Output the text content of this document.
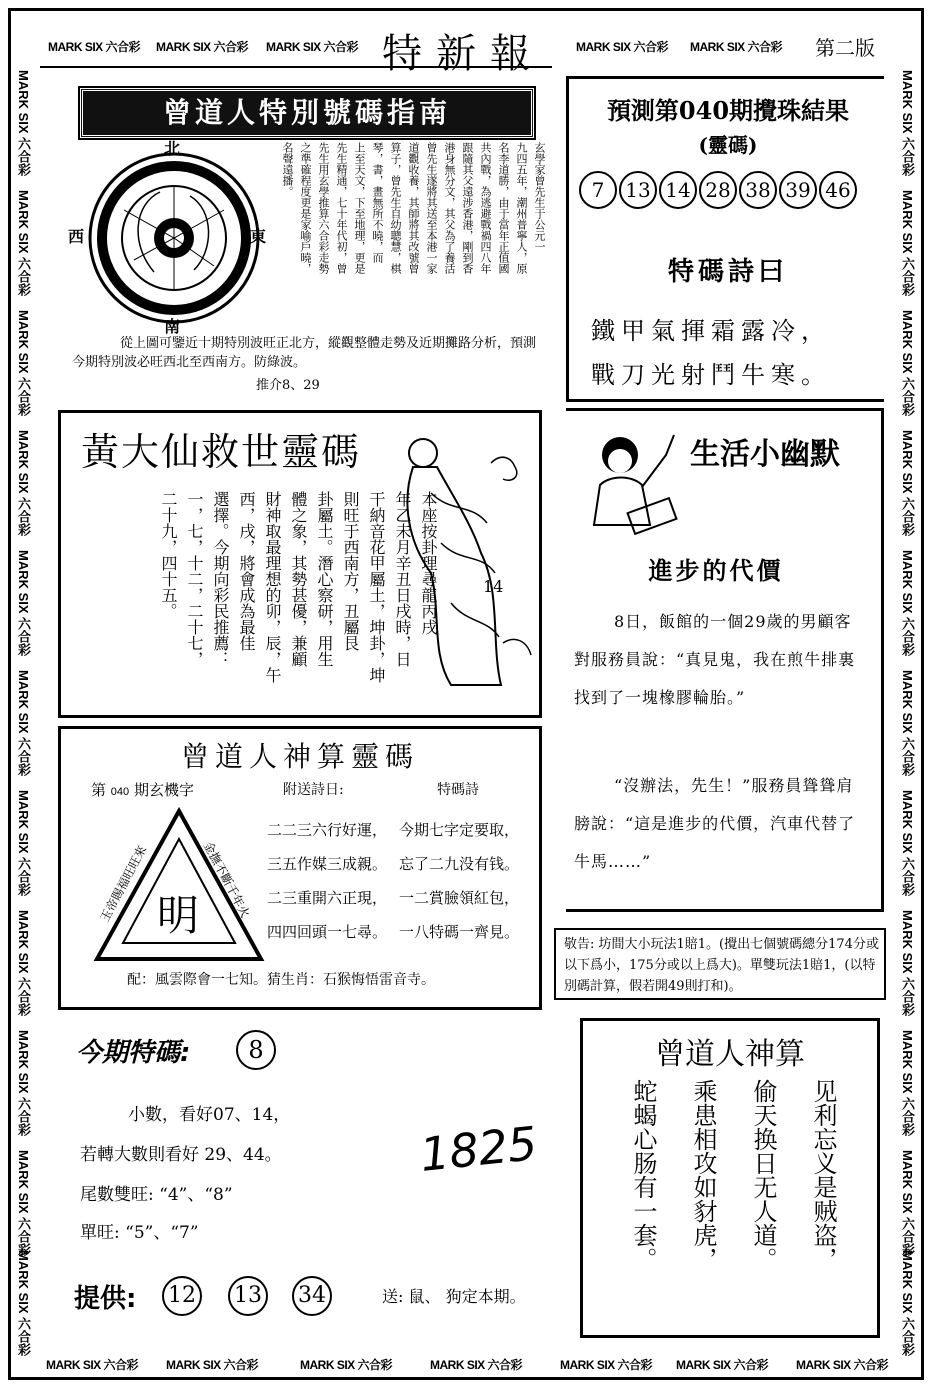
MARK SIX 六合彩 MARK SIX 六合彩 MARK SIX 六合彩 特新報	MARK SIX 六合彩 MARK SIX 六合彩 第二版
MARK SIX 六合彩
MARK SIX 六合彩
MARK SIX 六合彩
MARK SIX 六合彩
MARK SIX 六合彩
MARK SIX 六合彩
MARK SIX 六合彩
MARK SIX 六合彩
MARK SIX 六合彩
MARK SIX 六合彩
MARK SIX 六合彩
MARK SIX 六合彩
MARK SIX 六合彩
MARK SIX 六合彩
MARK SIX 六合彩
MARK SIX 六合彩
MARK SIX 六合彩
MARK SIX 六合彩
MARK SIX 六合彩
MARK SIX 六合彩
MARK SIX 六合彩
MARK SIX 六合彩
曾道人特別號碼指南
北
南
東
西	玄學家曾先生于公元一
九四五年，潮州普寧人，原
名李道勝，由于當年正值國
共內戰，為逃避戰禍四八年
跟隨其父遠涉香港，剛到香
港身無分文，其父為了養活
曾先生遂將其送至本港一家
道觀收養，其師將其改號曾
算子，曾先生自幼聰慧，棋
琴，書，畫無所不曉，而
上至天文，下至地理，更是
先生精通，七十年代初，曾
先生用玄學推算六合彩走勢
之準確程度更是家喻戶曉，
名聲遠播。
從上圖可鑒近十期特別波旺正北方，縱觀整體走勢及近期攤路分析，預測今期特別波必旺西北至西南方。防綠波。
推介8、29
預測第040期攪珠結果
(靈碼)
7 13 14 28 38 39 46
特碼詩曰
鐵甲氣揮霜露冷，
戰刀光射鬥牛寒。
黃大仙救世靈碼
本座按卦理尋龍丙戌
年乙未月辛丑日戌時，日
干納音花甲屬土，坤卦，坤
則旺于西南方，丑屬艮
卦屬土。潛心察研，用生
體之象，其勢甚優，兼顧
財神取最理想的卯，辰，午
西，戌，將會成為最佳
選擇。今期向彩民推薦：
一，七，十二，二十七，
二十九，四十五。	14
生活小幽默
進步的代價
8日，飯館的一個29歲的男顧客對服務員說：“真見鬼，我在煎牛排裏找到了一塊橡膠輪胎。”
“沒辦法，先生！”服務員聳聳肩膀說：“這是進步的代價，汽車代替了牛馬……”
曾道人神算靈碼
第 040 期玄機字	附送詩日:	特碼詩
明
玉帝賜福旺旺來	金撫不斷千年火
二二三六行好運，
三五作媒三成親。
二三重開六正現，
四四回頭一七尋。
今期七字定要取，
忘了二九没有钱。
一二賞臉領紅包，
一八特碼一齊見。
配：風雲際會一七知。猜生肖：石猴悔悟雷音寺。
敬告: 坊間大小玩法1賠1。(攪出七個號碼總分174分或以下爲小，175分或以上爲大)。單雙玩法1賠1，(以特別碼計算，假若開49則打和)。
今期特碼:	8
小數，看好07、14，
若轉大數則看好 29、44。
尾數雙旺: “4”、“8”
單旺: “5”、“7”
1825
提供: 12 13 34	送: 鼠、 狗定本期。
曾道人神算
见利忘义是贼盗，
偷天换日无人道。
乘患相攻如豺虎，
蛇蝎心肠有一套。
MARK SIX 六合彩 MARK SIX 六合彩	MARK SIX 六合彩	MARK SIX 六合彩	MARK SIX 六合彩 MARK SIX 六合彩 MARK SIX 六合彩
